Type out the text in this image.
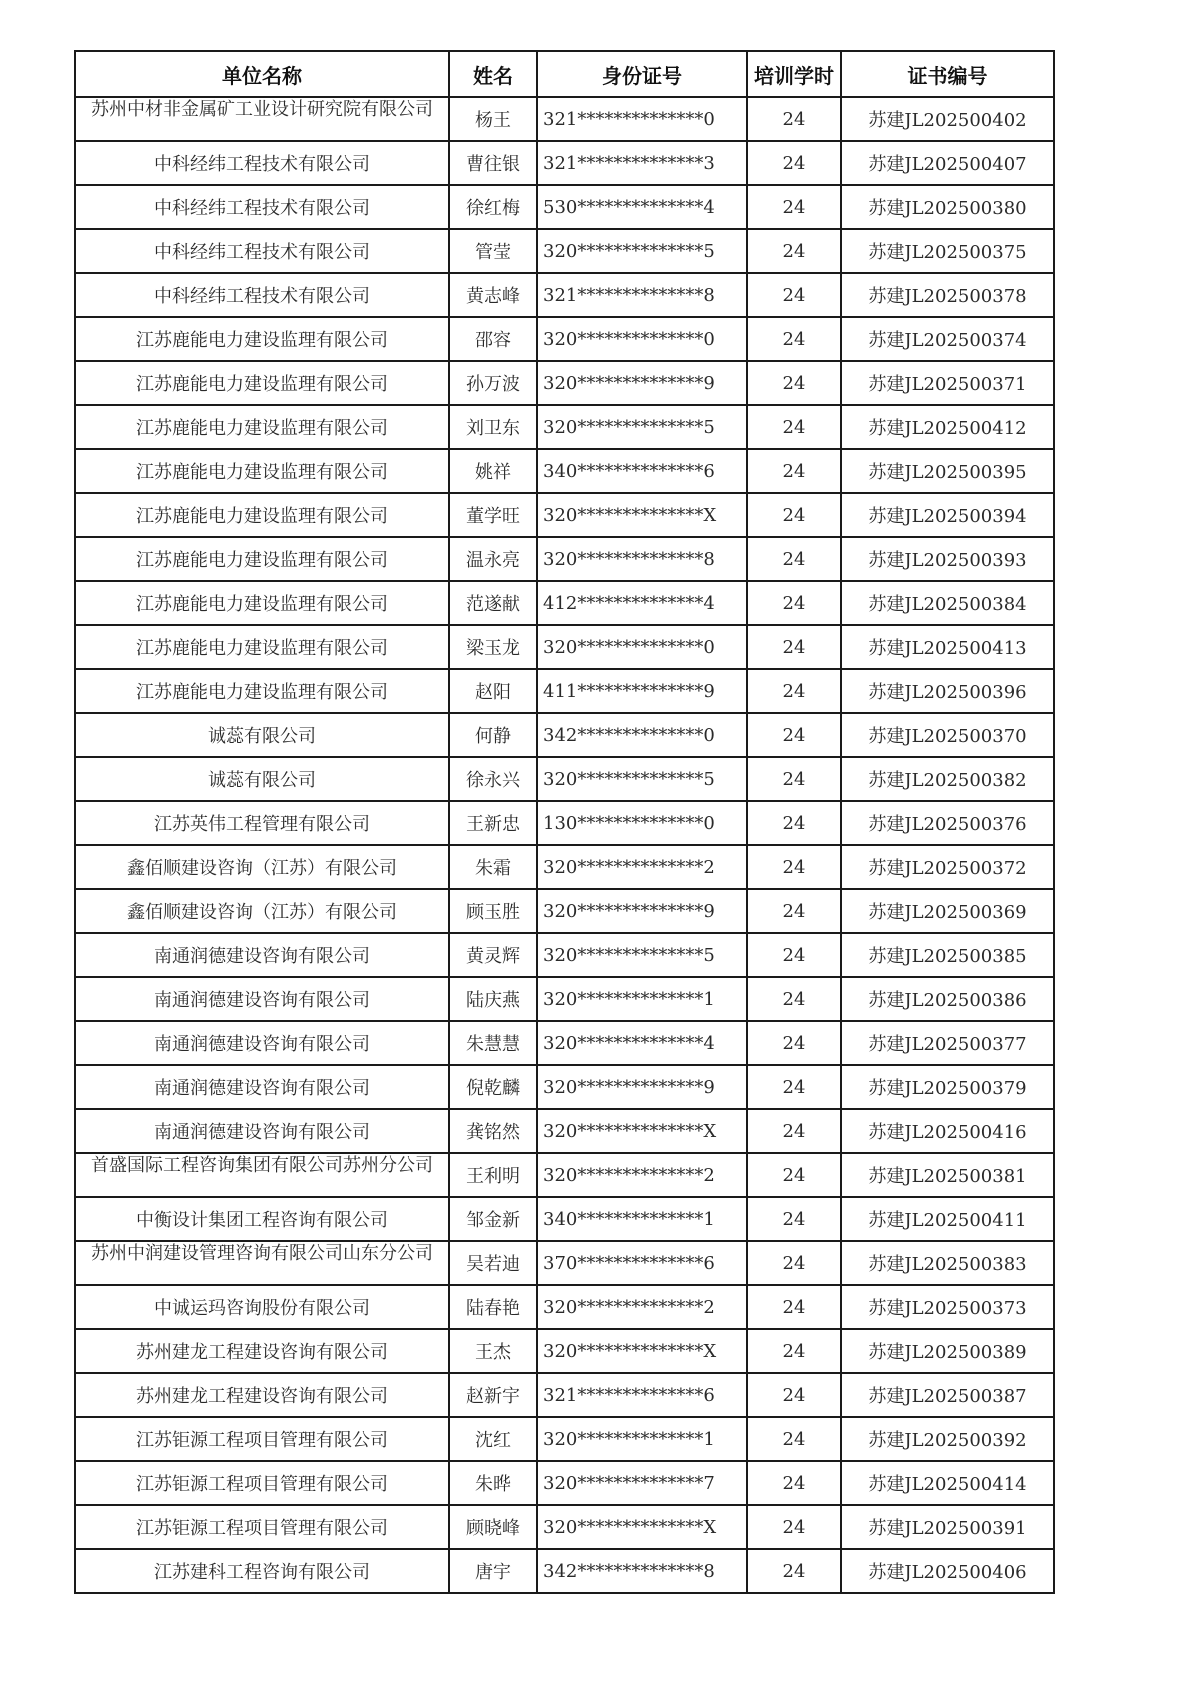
单位名称	姓名	身份证号	培训学时	证书编号

苏州中材非金属矿工业设计研究院有限公司	杨王	321**************0	24	苏建JL202500402
中科经纬工程技术有限公司	曹往银	321**************3	24	苏建JL202500407
中科经纬工程技术有限公司	徐红梅	530**************4	24	苏建JL202500380
中科经纬工程技术有限公司	管莹	320**************5	24	苏建JL202500375
中科经纬工程技术有限公司	黄志峰	321**************8	24	苏建JL202500378
江苏鹿能电力建设监理有限公司	邵容	320**************0	24	苏建JL202500374
江苏鹿能电力建设监理有限公司	孙万波	320**************9	24	苏建JL202500371
江苏鹿能电力建设监理有限公司	刘卫东	320**************5	24	苏建JL202500412
江苏鹿能电力建设监理有限公司	姚祥	340**************6	24	苏建JL202500395
江苏鹿能电力建设监理有限公司	董学旺	320**************X	24	苏建JL202500394
江苏鹿能电力建设监理有限公司	温永亮	320**************8	24	苏建JL202500393
江苏鹿能电力建设监理有限公司	范遂献	412**************4	24	苏建JL202500384
江苏鹿能电力建设监理有限公司	梁玉龙	320**************0	24	苏建JL202500413
江苏鹿能电力建设监理有限公司	赵阳	411**************9	24	苏建JL202500396
诚蕊有限公司	何静	342**************0	24	苏建JL202500370
诚蕊有限公司	徐永兴	320**************5	24	苏建JL202500382
江苏英伟工程管理有限公司	王新忠	130**************0	24	苏建JL202500376
鑫佰顺建设咨询（江苏）有限公司	朱霜	320**************2	24	苏建JL202500372
鑫佰顺建设咨询（江苏）有限公司	顾玉胜	320**************9	24	苏建JL202500369
南通润德建设咨询有限公司	黄灵辉	320**************5	24	苏建JL202500385
南通润德建设咨询有限公司	陆庆燕	320**************1	24	苏建JL202500386
南通润德建设咨询有限公司	朱慧慧	320**************4	24	苏建JL202500377
南通润德建设咨询有限公司	倪乾麟	320**************9	24	苏建JL202500379
南通润德建设咨询有限公司	龚铭然	320**************X	24	苏建JL202500416

首盛国际工程咨询集团有限公司苏州分公司	王利明	320**************2	24	苏建JL202500381
中衡设计集团工程咨询有限公司	邹金新	340**************1	24	苏建JL202500411

苏州中润建设管理咨询有限公司山东分公司	吴若迪	370**************6	24	苏建JL202500383
中诚运玛咨询股份有限公司	陆春艳	320**************2	24	苏建JL202500373
苏州建龙工程建设咨询有限公司	王杰	320**************X	24	苏建JL202500389
苏州建龙工程建设咨询有限公司	赵新宇	321**************6	24	苏建JL202500387
江苏钜源工程项目管理有限公司	沈红	320**************1	24	苏建JL202500392
江苏钜源工程项目管理有限公司	朱晔	320**************7	24	苏建JL202500414
江苏钜源工程项目管理有限公司	顾晓峰	320**************X	24	苏建JL202500391
江苏建科工程咨询有限公司	唐宇	342**************8	24	苏建JL202500406
